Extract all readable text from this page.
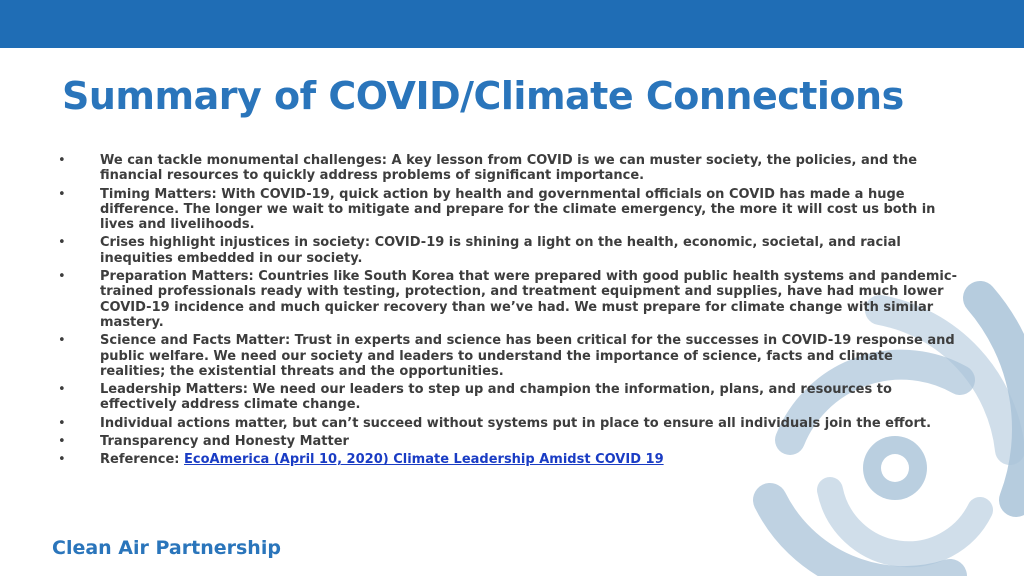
Summary of COVID/Climate Connections
•	We can tackle monumental challenges: A key lesson from COVID is we can muster society, the policies, and the financial resources to quickly address problems of significant importance.
•	Timing Matters: With COVID-19, quick action by health and governmental officials on COVID has made a huge difference. The longer we wait to mitigate and prepare for the climate emergency, the more it will cost us both in lives and livelihoods.
•	Crises highlight injustices in society: COVID-19 is shining a light on the health, economic, societal, and racial inequities embedded in our society.
•	Preparation Matters: Countries like South Korea that were prepared with good public health systems and pandemic-trained professionals ready with testing, protection, and treatment equipment and supplies, have had much lower COVID-19 incidence and much quicker recovery than we’ve had. We must prepare for climate change with similar mastery.
•	Science and Facts Matter: Trust in experts and science has been critical for the successes in COVID-19 response and public welfare. We need our society and leaders to understand the importance of science, facts and climate realities; the existential threats and the opportunities.
•	Leadership Matters: We need our leaders to step up and champion the information, plans, and resources to effectively address climate change.
•	Individual actions matter, but can’t succeed without systems put in place to ensure all individuals join the effort.
•	Transparency and Honesty Matter
•	Reference: EcoAmerica (April 10, 2020) Climate Leadership Amidst COVID 19
Clean Air Partnership
